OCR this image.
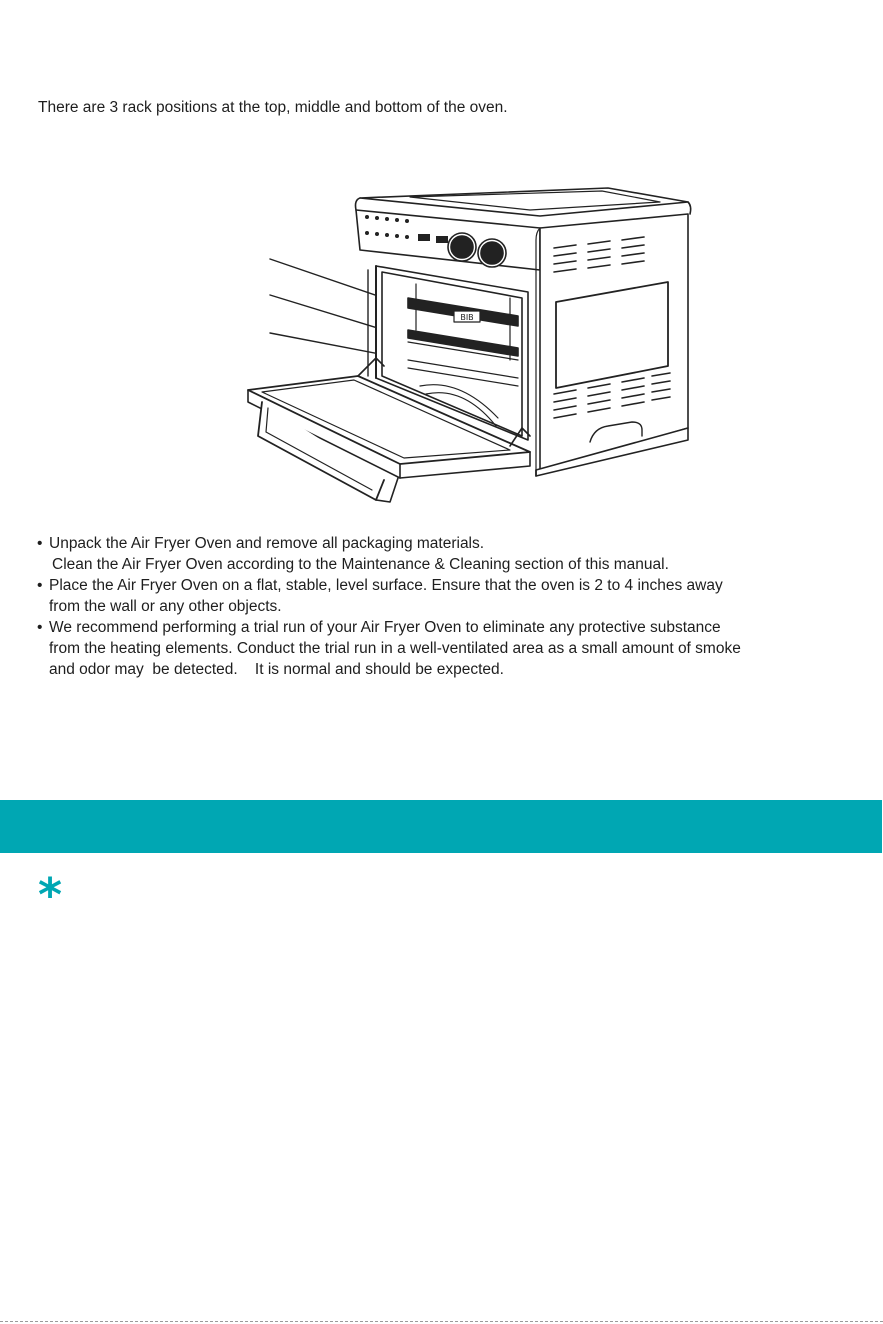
There are 3 rack positions at the top, middle and bottom of the oven.

BIB
• Unpack the Air Fryer Oven and remove all packaging materials.
Clean the Air Fryer Oven according to the Maintenance & Cleaning section of this manual.
• Place the Air Fryer Oven on a flat, stable, level surface. Ensure that the oven is 2 to 4 inches away
from the wall or any other objects.
• We recommend performing a trial run of your Air Fryer Oven to eliminate any protective substance
from the heating elements. Conduct the trial run in a well-ventilated area as a small amount of smoke
and odor may  be detected.    It is normal and should be expected.
*
